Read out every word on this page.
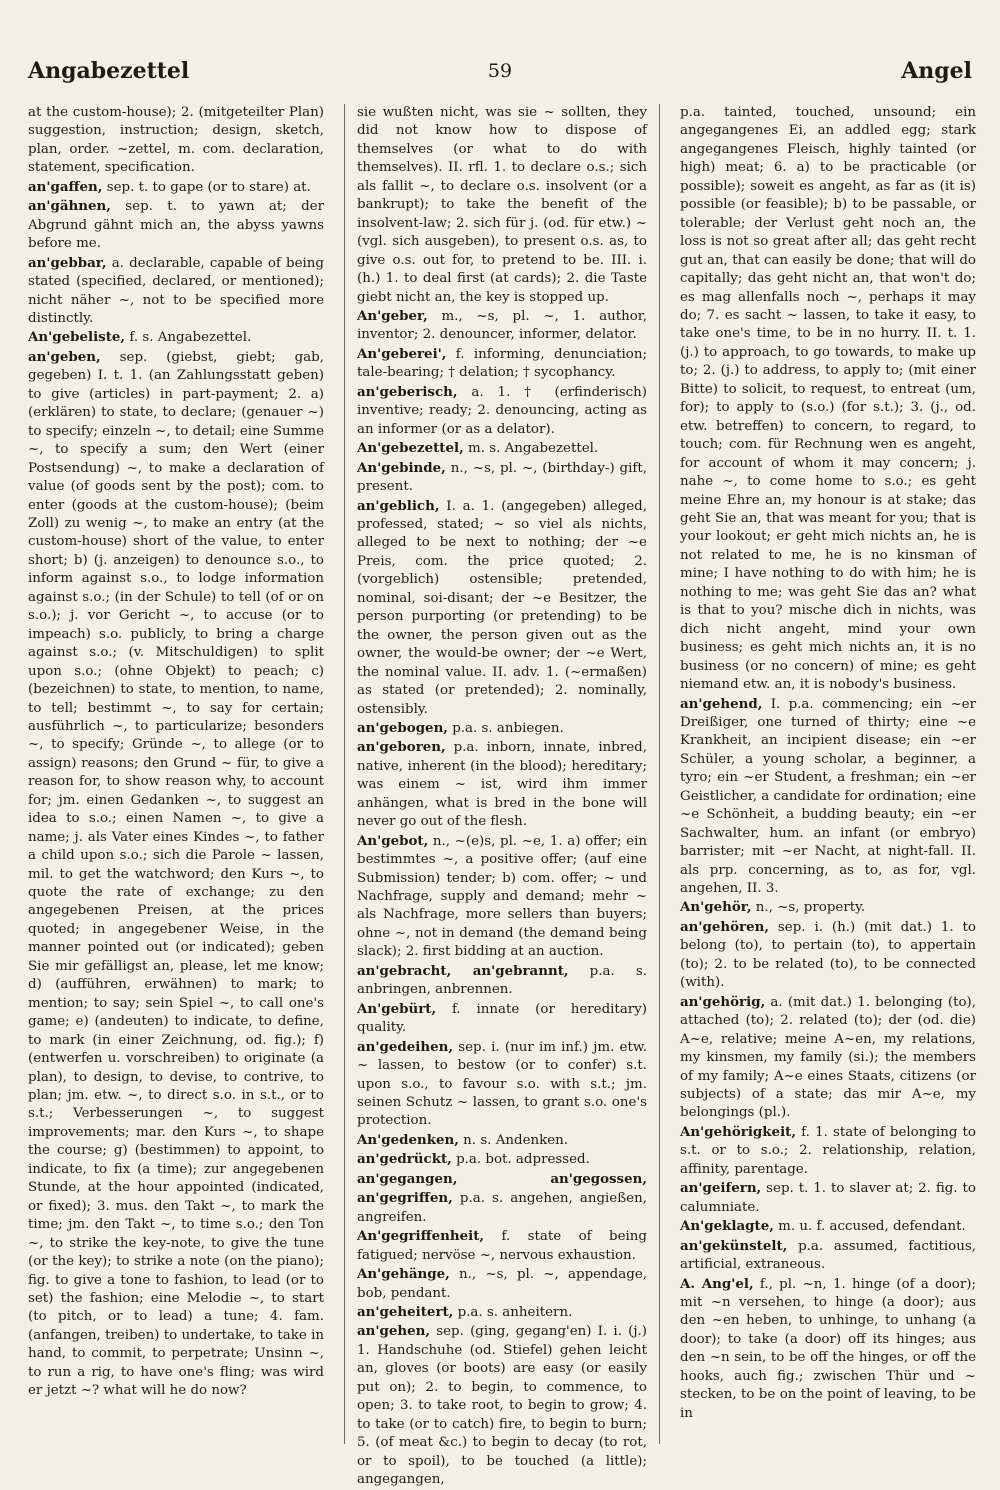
Angabezettel	59	Angel

at the custom-house); 2. (mitgeteilter Plan) suggestion, instruction; design, sketch, plan, order. ~zettel, m. com. declaration, statement, specification.

an'gaffen, sep. t. to gape (or to stare) at.

an'gähnen, sep. t. to yawn at; der Abgrund gähnt mich an, the abyss yawns before me.

an'gebbar, a. declarable, capable of being stated (specified, declared, or mentioned); nicht näher ~, not to be specified more distinctly.

An'gebeliste, f. s. Angabezettel.

an'geben, sep. (giebst, giebt; gab, gegeben) I. t. 1. (an Zahlungsstatt geben) to give (articles) in part-payment; 2. a) (erklären) to state, to declare; (genauer ~) to specify; einzeln ~, to detail; eine Summe ~, to specify a sum; den Wert (einer Postsendung) ~, to make a declaration of value (of goods sent by the post); com. to enter (goods at the custom-house); (beim Zoll) zu wenig ~, to make an entry (at the custom-house) short of the value, to enter short; b) (j. anzeigen) to denounce s.o., to inform against s.o., to lodge information against s.o.; (in der Schule) to tell (of or on s.o.); j. vor Gericht ~, to accuse (or to impeach) s.o. publicly, to bring a charge against s.o.; (v. Mitschuldigen) to split upon s.o.; (ohne Objekt) to peach; c) (bezeichnen) to state, to mention, to name, to tell; bestimmt ~, to say for certain; ausführlich ~, to particularize; besonders ~, to specify; Gründe ~, to allege (or to assign) reasons; den Grund ~ für, to give a reason for, to show reason why, to account for; jm. einen Gedanken ~, to suggest an idea to s.o.; einen Namen ~, to give a name; j. als Vater eines Kindes ~, to father a child upon s.o.; sich die Parole ~ lassen, mil. to get the watchword; den Kurs ~, to quote the rate of exchange; zu den angegebenen Preisen, at the prices quoted; in angegebener Weise, in the manner pointed out (or indicated); geben Sie mir gefälligst an, please, let me know; d) (aufführen, erwähnen) to mark; to mention; to say; sein Spiel ~, to call one's game; e) (andeuten) to indicate, to define, to mark (in einer Zeichnung, od. fig.); f) (entwerfen u. vorschreiben) to originate (a plan), to design, to devise, to contrive, to plan; jm. etw. ~, to direct s.o. in s.t., or to s.t.; Verbesserungen ~, to suggest improvements; mar. den Kurs ~, to shape the course; g) (bestimmen) to appoint, to indicate, to fix (a time); zur angegebenen Stunde, at the hour appointed (indicated, or fixed); 3. mus. den Takt ~, to mark the time; jm. den Takt ~, to time s.o.; den Ton ~, to strike the key-note, to give the tune (or the key); to strike a note (on the piano); fig. to give a tone to fashion, to lead (or to set) the fashion; eine Melodie ~, to start (to pitch, or to lead) a tune; 4. fam. (anfangen, treiben) to undertake, to take in hand, to commit, to perpetrate; Unsinn ~, to run a rig, to have one's fling; was wird er jetzt ~? what will he do now?

sie wußten nicht, was sie ~ sollten, they did not know how to dispose of themselves (or what to do with themselves). II. rfl. 1. to declare o.s.; sich als fallit ~, to declare o.s. insolvent (or a bankrupt); to take the benefit of the insolvent-law; 2. sich für j. (od. für etw.) ~ (vgl. sich ausgeben), to present o.s. as, to give o.s. out for, to pretend to be. III. i. (h.) 1. to deal first (at cards); 2. die Taste giebt nicht an, the key is stopped up.

An'geber, m., ~s, pl. ~, 1. author, inventor; 2. denouncer, informer, delator.

An'geberei', f. informing, denunciation; tale-bearing; † delation; † sycophancy.

an'geberisch, a. 1. † (erfinderisch) inventive; ready; 2. denouncing, acting as an informer (or as a delator).

An'gebezettel, m. s. Angabezettel.

An'gebinde, n., ~s, pl. ~, (birthday-) gift, present.

an'geblich, I. a. 1. (angegeben) alleged, professed, stated; ~ so viel als nichts, alleged to be next to nothing; der ~e Preis, com. the price quoted; 2. (vorgeblich) ostensible; pretended, nominal, soi-disant; der ~e Besitzer, the person purporting (or pretending) to be the owner, the person given out as the owner, the would-be owner; der ~e Wert, the nominal value. II. adv. 1. (~ermaßen) as stated (or pretended); 2. nominally, ostensibly.

an'gebogen, p.a. s. anbiegen.

an'geboren, p.a. inborn, innate, inbred, native, inherent (in the blood); hereditary; was einem ~ ist, wird ihm immer anhängen, what is bred in the bone will never go out of the flesh.

An'gebot, n., ~(e)s, pl. ~e, 1. a) offer; ein bestimmtes ~, a positive offer; (auf eine Submission) tender; b) com. offer; ~ und Nachfrage, supply and demand; mehr ~ als Nachfrage, more sellers than buyers; ohne ~, not in demand (the demand being slack); 2. first bidding at an auction.

an'gebracht, an'gebrannt, p.a. s. anbringen, anbrennen.

An'gebürt, f. innate (or hereditary) quality.

an'gedeihen, sep. i. (nur im inf.) jm. etw. ~ lassen, to bestow (or to confer) s.t. upon s.o., to favour s.o. with s.t.; jm. seinen Schutz ~ lassen, to grant s.o. one's protection.

An'gedenken, n. s. Andenken.

an'gedrückt, p.a. bot. adpressed.

an'gegangen, an'gegossen, an'gegriffen, p.a. s. angehen, angießen, angreifen.

An'gegriffenheit, f. state of being fatigued; nervöse ~, nervous exhaustion.

An'gehänge, n., ~s, pl. ~, appendage, bob, pendant.

an'geheitert, p.a. s. anheitern.

an'gehen, sep. (ging, gegang'en) I. i. (j.) 1. Handschuhe (od. Stiefel) gehen leicht an, gloves (or boots) are easy (or easily put on); 2. to begin, to commence, to open; 3. to take root, to begin to grow; 4. to take (or to catch) fire, to begin to burn; 5. (of meat &c.) to begin to decay (to rot, or to spoil), to be touched (a little); angegangen,

p.a. tainted, touched, unsound; ein angegangenes Ei, an addled egg; stark angegangenes Fleisch, highly tainted (or high) meat; 6. a) to be practicable (or possible); soweit es angeht, as far as (it is) possible (or feasible); b) to be passable, or tolerable; der Verlust geht noch an, the loss is not so great after all; das geht recht gut an, that can easily be done; that will do capitally; das geht nicht an, that won't do; es mag allenfalls noch ~, perhaps it may do; 7. es sacht ~ lassen, to take it easy, to take one's time, to be in no hurry. II. t. 1. (j.) to approach, to go towards, to make up to; 2. (j.) to address, to apply to; (mit einer Bitte) to solicit, to request, to entreat (um, for); to apply to (s.o.) (for s.t.); 3. (j., od. etw. betreffen) to concern, to regard, to touch; com. für Rechnung wen es angeht, for account of whom it may concern; j. nahe ~, to come home to s.o.; es geht meine Ehre an, my honour is at stake; das geht Sie an, that was meant for you; that is your lookout; er geht mich nichts an, he is not related to me, he is no kinsman of mine; I have nothing to do with him; he is nothing to me; was geht Sie das an? what is that to you? mische dich in nichts, was dich nicht angeht, mind your own business; es geht mich nichts an, it is no business (or no concern) of mine; es geht niemand etw. an, it is nobody's business.

an'gehend, I. p.a. commencing; ein ~er Dreißiger, one turned of thirty; eine ~e Krankheit, an incipient disease; ein ~er Schüler, a young scholar, a beginner, a tyro; ein ~er Student, a freshman; ein ~er Geistlicher, a candidate for ordination; eine ~e Schönheit, a budding beauty; ein ~er Sachwalter, hum. an infant (or embryo) barrister; mit ~er Nacht, at night-fall. II. als prp. concerning, as to, as for, vgl. angehen, II. 3.

An'gehör, n., ~s, property.

an'gehören, sep. i. (h.) (mit dat.) 1. to belong (to), to pertain (to), to appertain (to); 2. to be related (to), to be connected (with).

an'gehörig, a. (mit dat.) 1. belonging (to), attached (to); 2. related (to); der (od. die) A~e, relative; meine A~en, my relations, my kinsmen, my family (si.); the members of my family; A~e eines Staats, citizens (or subjects) of a state; das mir A~e, my belongings (pl.).

An'gehörigkeit, f. 1. state of belonging to s.t. or to s.o.; 2. relationship, relation, affinity, parentage.

an'geifern, sep. t. 1. to slaver at; 2. fig. to calumniate.

An'geklagte, m. u. f. accused, defendant.

an'gekünstelt, p.a. assumed, factitious, artificial, extraneous.

A. Ang'el, f., pl. ~n, 1. hinge (of a door); mit ~n versehen, to hinge (a door); aus den ~en heben, to unhinge, to unhang (a door); to take (a door) off its hinges; aus den ~n sein, to be off the hinges, or off the hooks, auch fig.; zwischen Thür und ~ stecken, to be on the point of leaving, to be in
